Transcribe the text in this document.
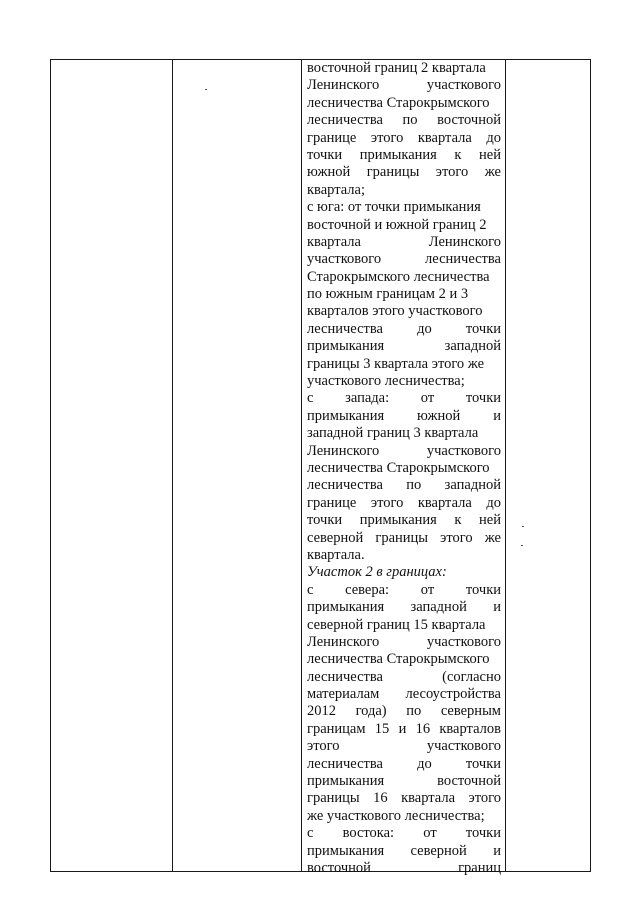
восточной границ 2 квартала
Ленинского	участкового
лесничества Старокрымского
лесничества по восточной
границе этого квартала до
точки примыкания к ней
южной границы этого же
квартала;
с юга: от точки примыкания
восточной и южной границ 2
квартала	Ленинского
участкового	лесничества
Старокрымского лесничества
по южным границам 2 и 3
кварталов этого участкового
лесничества до точки
примыкания	западной
границы 3 квартала этого же
участкового лесничества;
с запада: от точки
примыкания южной и
западной границ 3 квартала
Ленинского	участкового
лесничества Старокрымского
лесничества по западной
границе этого квартала до
точки примыкания к ней
северной границы этого же
квартала.
Участок 2 в границах:
с севера: от точки
примыкания западной и
северной границ 15 квартала
Ленинского	участкового
лесничества Старокрымского
лесничества	(согласно
материалам лесоустройства
2012 года) по северным
границам 15 и 16 кварталов
этого	участкового
лесничества до точки
примыкания	восточной
границы 16 квартала этого
же участкового лесничества;
с востока: от точки
примыкания северной и
восточной	границ
